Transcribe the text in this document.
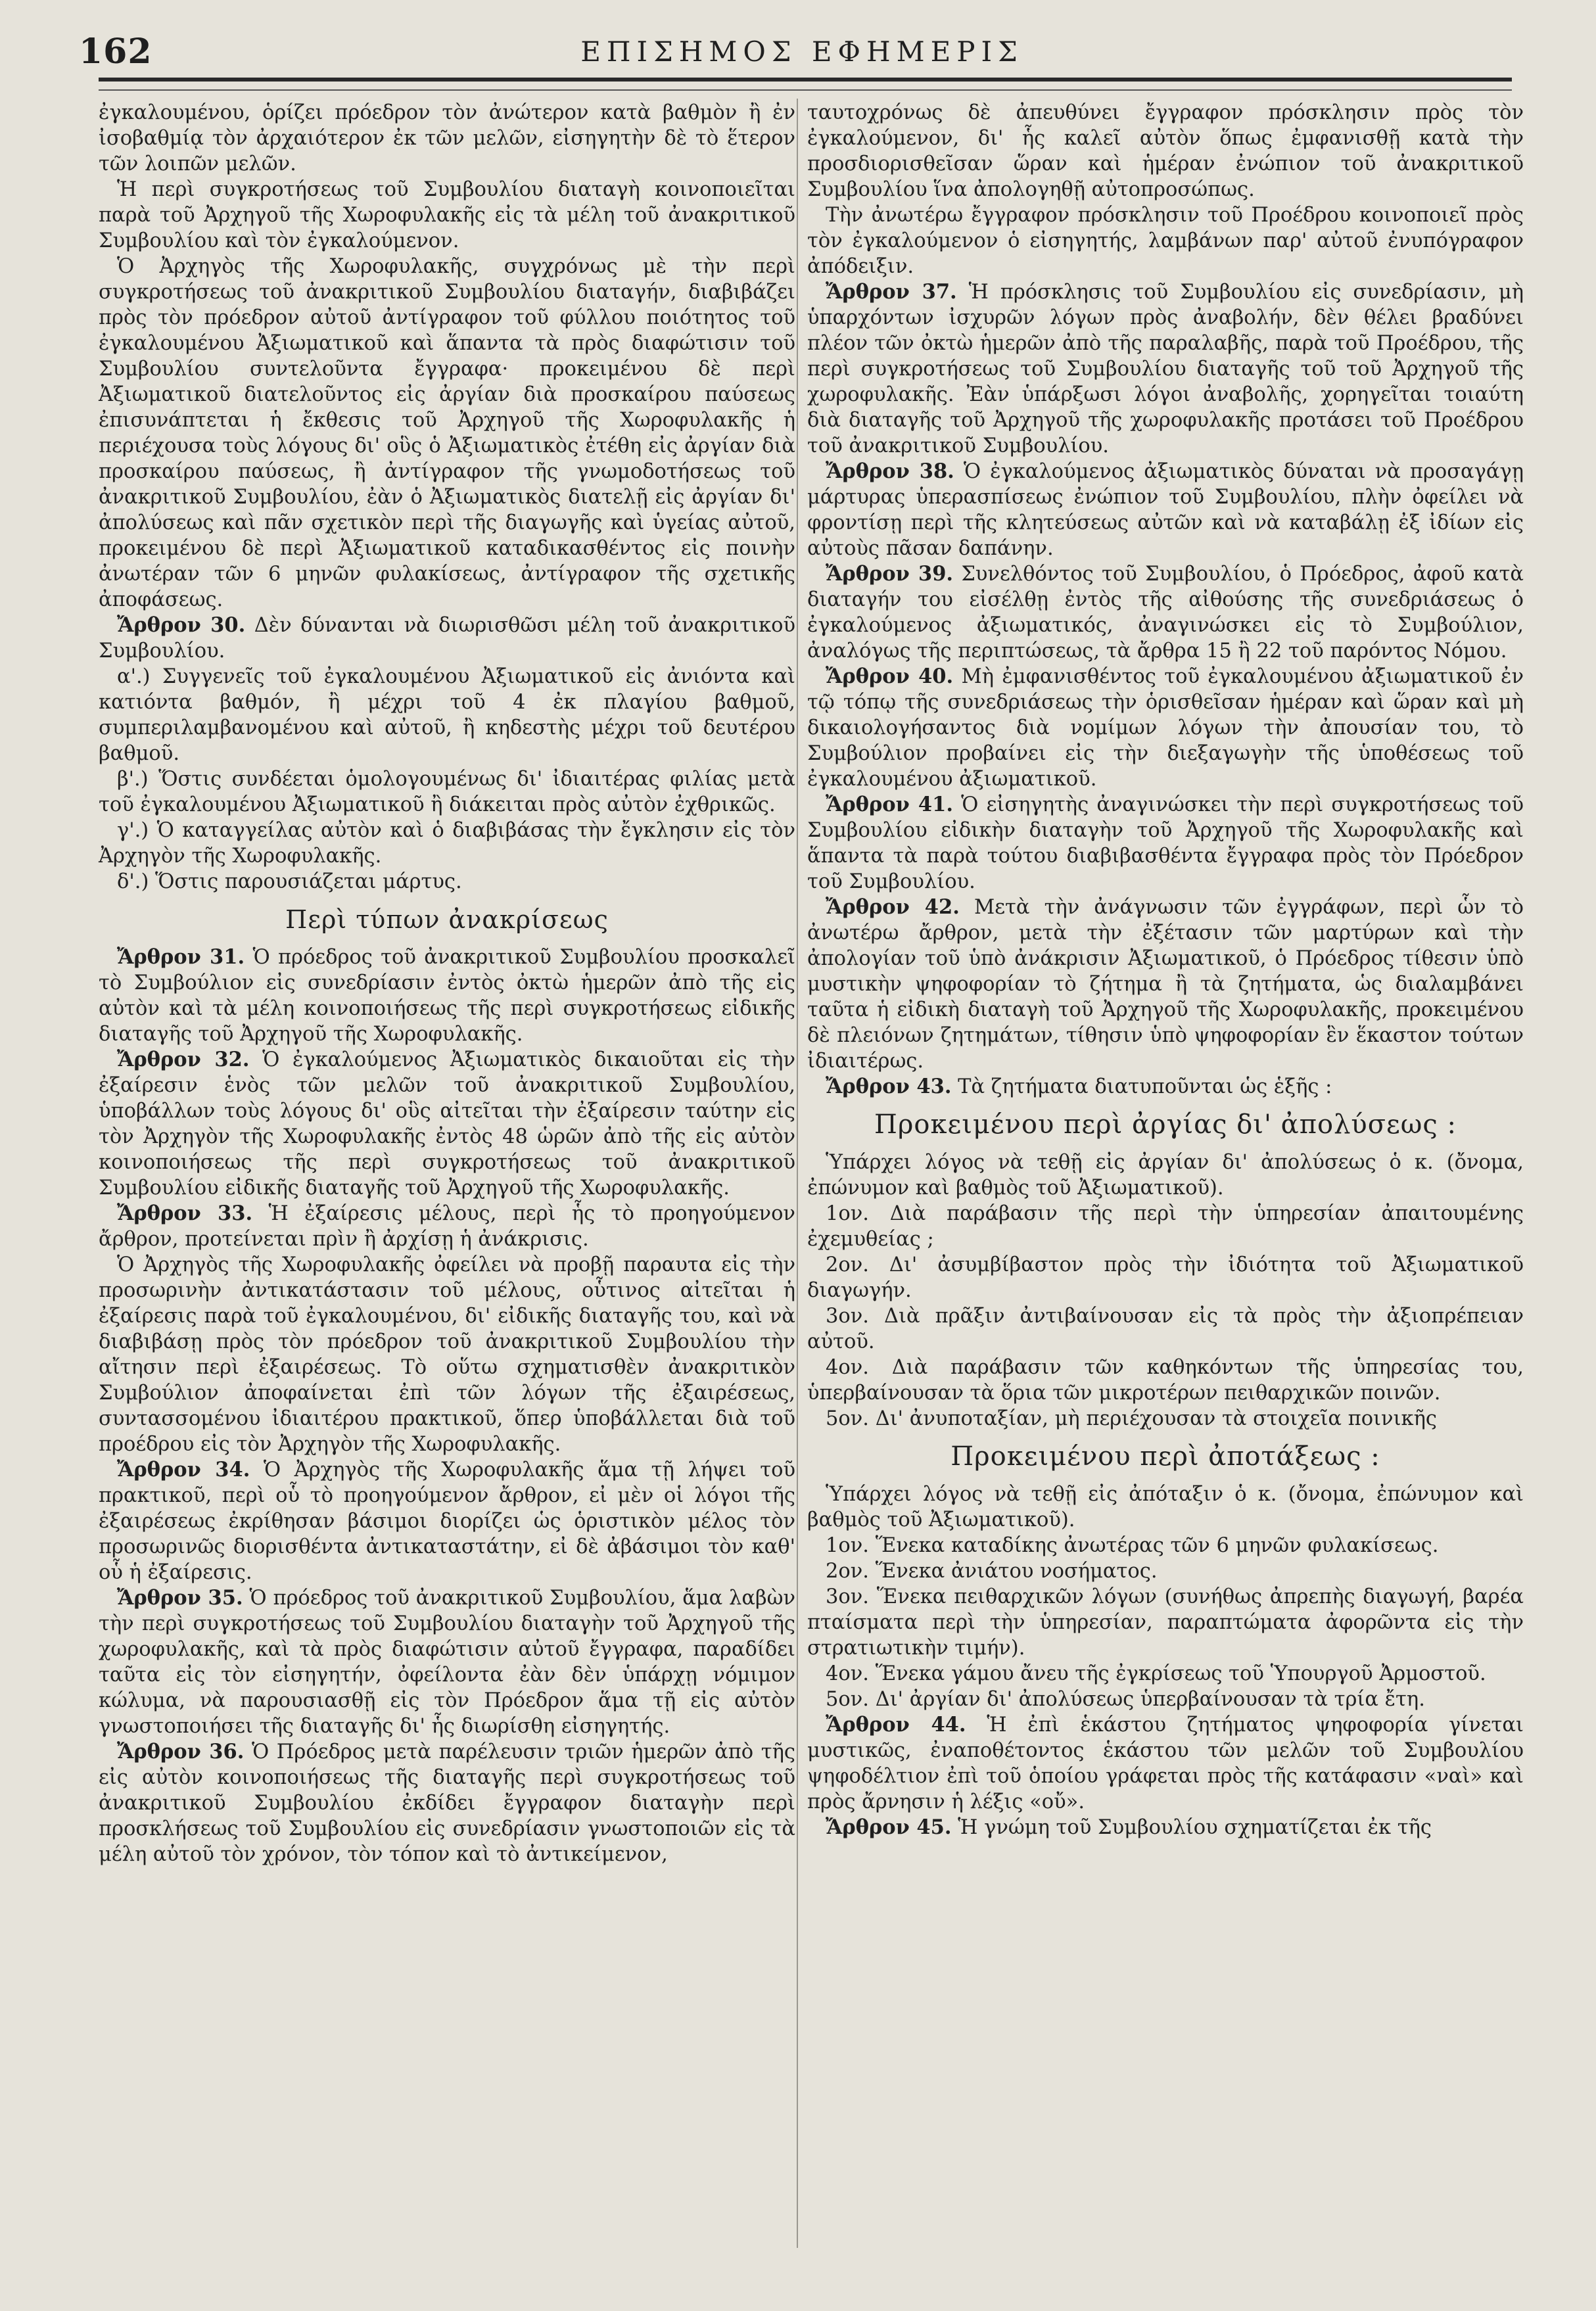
162	ΕΠΙΣΗΜΟΣ ΕΦΗΜΕΡΙΣ

ἐγκαλουμένου, ὁρίζει πρόεδρον τὸν ἀνώτερον κατὰ βαθμὸν ἢ ἐν ἰσοβαθμίᾳ τὸν ἀρχαιότερον ἐκ τῶν μελῶν, εἰσηγητὴν δὲ τὸ ἕτερον τῶν λοιπῶν μελῶν.

Ἡ περὶ συγκροτήσεως τοῦ Συμβουλίου διαταγὴ κοινοποιεῖται παρὰ τοῦ Ἀρχηγοῦ τῆς Χωροφυλακῆς εἰς τὰ μέλη τοῦ ἀνακριτικοῦ Συμβουλίου καὶ τὸν ἐγκαλούμενον.

Ὁ Ἀρχηγὸς τῆς Χωροφυλακῆς, συγχρόνως μὲ τὴν περὶ συγκροτήσεως τοῦ ἀνακριτικοῦ Συμβουλίου διαταγήν, διαβιβάζει πρὸς τὸν πρόεδρον αὐτοῦ ἀντίγραφον τοῦ φύλλου ποιότητος τοῦ ἐγκαλουμένου Ἀξιωματικοῦ καὶ ἅπαντα τὰ πρὸς διαφώτισιν τοῦ Συμβουλίου συντελοῦντα ἔγγραφα· προκειμένου δὲ περὶ Ἀξιωματικοῦ διατελοῦντος εἰς ἀργίαν διὰ προσκαίρου παύσεως ἐπισυνάπτεται ἡ ἔκθεσις τοῦ Ἀρχηγοῦ τῆς Χωροφυλακῆς ἡ περιέχουσα τοὺς λόγους δι' οὓς ὁ Ἀξιωματικὸς ἐτέθη εἰς ἀργίαν διὰ προσκαίρου παύσεως, ἢ ἀντίγραφον τῆς γνωμοδοτήσεως τοῦ ἀνακριτικοῦ Συμβουλίου, ἐὰν ὁ Ἀξιωματικὸς διατελῇ εἰς ἀργίαν δι' ἀπολύσεως καὶ πᾶν σχετικὸν περὶ τῆς διαγωγῆς καὶ ὑγείας αὐτοῦ, προκειμένου δὲ περὶ Ἀξιωματικοῦ καταδικασθέντος εἰς ποινὴν ἀνωτέραν τῶν 6 μηνῶν φυλακίσεως, ἀντίγραφον τῆς σχετικῆς ἀποφάσεως.

Ἄρθρον 30. Δὲν δύνανται νὰ διωρισθῶσι μέλη τοῦ ἀνακριτικοῦ Συμβουλίου.

α'.) Συγγενεῖς τοῦ ἐγκαλουμένου Ἀξιωματικοῦ εἰς ἀνιόντα καὶ κατιόντα βαθμόν, ἢ μέχρι τοῦ 4 ἐκ πλαγίου βαθμοῦ, συμπεριλαμβανομένου καὶ αὐτοῦ, ἢ κηδεστὴς μέχρι τοῦ δευτέρου βαθμοῦ.

β'.) Ὅστις συνδέεται ὁμολογουμένως δι' ἰδιαιτέρας φιλίας μετὰ τοῦ ἐγκαλουμένου Ἀξιωματικοῦ ἢ διάκειται πρὸς αὐτὸν ἐχθρικῶς.

γ'.) Ὁ καταγγείλας αὐτὸν καὶ ὁ διαβιβάσας τὴν ἔγκλησιν εἰς τὸν Ἀρχηγὸν τῆς Χωροφυλακῆς.

δ'.) Ὅστις παρουσιάζεται μάρτυς.

Περὶ τύπων ἀνακρίσεως

Ἄρθρον 31. Ὁ πρόεδρος τοῦ ἀνακριτικοῦ Συμβουλίου προσκαλεῖ τὸ Συμβούλιον εἰς συνεδρίασιν ἐντὸς ὀκτὼ ἡμερῶν ἀπὸ τῆς εἰς αὐτὸν καὶ τὰ μέλη κοινοποιήσεως τῆς περὶ συγκροτήσεως εἰδικῆς διαταγῆς τοῦ Ἀρχηγοῦ τῆς Χωροφυλακῆς.

Ἄρθρον 32. Ὁ ἐγκαλούμενος Ἀξιωματικὸς δικαιοῦται εἰς τὴν ἐξαίρεσιν ἑνὸς τῶν μελῶν τοῦ ἀνακριτικοῦ Συμβουλίου, ὑποβάλλων τοὺς λόγους δι' οὓς αἰτεῖται τὴν ἐξαίρεσιν ταύτην εἰς τὸν Ἀρχηγὸν τῆς Χωροφυλακῆς ἐντὸς 48 ὡρῶν ἀπὸ τῆς εἰς αὐτὸν κοινοποιήσεως τῆς περὶ συγκροτήσεως τοῦ ἀνακριτικοῦ Συμβουλίου εἰδικῆς διαταγῆς τοῦ Ἀρχηγοῦ τῆς Χωροφυλακῆς.

Ἄρθρον 33. Ἡ ἐξαίρεσις μέλους, περὶ ἧς τὸ προηγούμενον ἄρθρον, προτείνεται πρὶν ἢ ἀρχίσῃ ἡ ἀνάκρισις.

Ὁ Ἀρχηγὸς τῆς Χωροφυλακῆς ὀφείλει νὰ προβῇ παραυτα εἰς τὴν προσωρινὴν ἀντικατάστασιν τοῦ μέλους, οὗτινος αἰτεῖται ἡ ἐξαίρεσις παρὰ τοῦ ἐγκαλουμένου, δι' εἰδικῆς διαταγῆς του, καὶ νὰ διαβιβάσῃ πρὸς τὸν πρόεδρον τοῦ ἀνακριτικοῦ Συμβουλίου τὴν αἴτησιν περὶ ἐξαιρέσεως. Τὸ οὕτω σχηματισθὲν ἀνακριτικὸν Συμβούλιον ἀποφαίνεται ἐπὶ τῶν λόγων τῆς ἐξαιρέσεως, συντασσομένου ἰδιαιτέρου πρακτικοῦ, ὅπερ ὑποβάλλεται διὰ τοῦ προέδρου εἰς τὸν Ἀρχηγὸν τῆς Χωροφυλακῆς.

Ἄρθρον 34. Ὁ Ἀρχηγὸς τῆς Χωροφυλακῆς ἅμα τῇ λήψει τοῦ πρακτικοῦ, περὶ οὗ τὸ προηγούμενον ἄρθρον, εἰ μὲν οἱ λόγοι τῆς ἐξαιρέσεως ἐκρίθησαν βάσιμοι διορίζει ὡς ὁριστικὸν μέλος τὸν προσωρινῶς διορισθέντα ἀντικαταστάτην, εἰ δὲ ἀβάσιμοι τὸν καθ' οὗ ἡ ἐξαίρεσις.

Ἄρθρον 35. Ὁ πρόεδρος τοῦ ἀνακριτικοῦ Συμβουλίου, ἅμα λαβὼν τὴν περὶ συγκροτήσεως τοῦ Συμβουλίου διαταγὴν τοῦ Ἀρχηγοῦ τῆς χωροφυλακῆς, καὶ τὰ πρὸς διαφώτισιν αὐτοῦ ἔγγραφα, παραδίδει ταῦτα εἰς τὸν εἰσηγητήν, ὀφείλοντα ἐὰν δὲν ὑπάρχῃ νόμιμον κώλυμα, νὰ παρουσιασθῇ εἰς τὸν Πρόεδρον ἅμα τῇ εἰς αὐτὸν γνωστοποιήσει τῆς διαταγῆς δι' ἧς διωρίσθη εἰσηγητής.

Ἄρθρον 36. Ὁ Πρόεδρος μετὰ παρέλευσιν τριῶν ἡμερῶν ἀπὸ τῆς εἰς αὐτὸν κοινοποιήσεως τῆς διαταγῆς περὶ συγκροτήσεως τοῦ ἀνακριτικοῦ Συμβουλίου ἐκδίδει ἔγγραφον διαταγὴν περὶ προσκλήσεως τοῦ Συμβουλίου εἰς συνεδρίασιν γνωστοποιῶν εἰς τὰ μέλη αὐτοῦ τὸν χρόνον, τὸν τόπον καὶ τὸ ἀντικείμενον,

ταυτοχρόνως δὲ ἀπευθύνει ἔγγραφον πρόσκλησιν πρὸς τὸν ἐγκαλούμενον, δι' ἧς καλεῖ αὐτὸν ὅπως ἐμφανισθῇ κατὰ τὴν προσδιορισθεῖσαν ὥραν καὶ ἡμέραν ἐνώπιον τοῦ ἀνακριτικοῦ Συμβουλίου ἵνα ἀπολογηθῇ αὐτοπροσώπως.

Τὴν ἀνωτέρω ἔγγραφον πρόσκλησιν τοῦ Προέδρου κοινοποιεῖ πρὸς τὸν ἐγκαλούμενον ὁ εἰσηγητής, λαμβάνων παρ' αὐτοῦ ἐνυπόγραφον ἀπόδειξιν.

Ἄρθρον 37. Ἡ πρόσκλησις τοῦ Συμβουλίου εἰς συνεδρίασιν, μὴ ὑπαρχόντων ἰσχυρῶν λόγων πρὸς ἀναβολήν, δὲν θέλει βραδύνει πλέον τῶν ὀκτὼ ἡμερῶν ἀπὸ τῆς παραλαβῆς, παρὰ τοῦ Προέδρου, τῆς περὶ συγκροτήσεως τοῦ Συμβουλίου διαταγῆς τοῦ τοῦ Ἀρχηγοῦ τῆς χωροφυλακῆς. Ἐὰν ὑπάρξωσι λόγοι ἀναβολῆς, χορηγεῖται τοιαύτη διὰ διαταγῆς τοῦ Ἀρχηγοῦ τῆς χωροφυλακῆς προτάσει τοῦ Προέδρου τοῦ ἀνακριτικοῦ Συμβουλίου.

Ἄρθρον 38. Ὁ ἐγκαλούμενος ἀξιωματικὸς δύναται νὰ προσαγάγῃ μάρτυρας ὑπερασπίσεως ἐνώπιον τοῦ Συμβουλίου, πλὴν ὀφείλει νὰ φροντίσῃ περὶ τῆς κλητεύσεως αὐτῶν καὶ νὰ καταβάλῃ ἐξ ἰδίων εἰς αὐτοὺς πᾶσαν δαπάνην.

Ἄρθρον 39. Συνελθόντος τοῦ Συμβουλίου, ὁ Πρόεδρος, ἀφοῦ κατὰ διαταγήν του εἰσέλθῃ ἐντὸς τῆς αἰθούσης τῆς συνεδριάσεως ὁ ἐγκαλούμενος ἀξιωματικός, ἀναγινώσκει εἰς τὸ Συμβούλιον, ἀναλόγως τῆς περιπτώσεως, τὰ ἄρθρα 15 ἢ 22 τοῦ παρόντος Νόμου.

Ἄρθρον 40. Μὴ ἐμφανισθέντος τοῦ ἐγκαλουμένου ἀξιωματικοῦ ἐν τῷ τόπῳ τῆς συνεδριάσεως τὴν ὁρισθεῖσαν ἡμέραν καὶ ὥραν καὶ μὴ δικαιολογήσαντος διὰ νομίμων λόγων τὴν ἀπουσίαν του, τὸ Συμβούλιον προβαίνει εἰς τὴν διεξαγωγὴν τῆς ὑποθέσεως τοῦ ἐγκαλουμένου ἀξιωματικοῦ.

Ἄρθρον 41. Ὁ εἰσηγητὴς ἀναγινώσκει τὴν περὶ συγκροτήσεως τοῦ Συμβουλίου εἰδικὴν διαταγὴν τοῦ Ἀρχηγοῦ τῆς Χωροφυλακῆς καὶ ἅπαντα τὰ παρὰ τούτου διαβιβασθέντα ἔγγραφα πρὸς τὸν Πρόεδρον τοῦ Συμβουλίου.

Ἄρθρον 42. Μετὰ τὴν ἀνάγνωσιν τῶν ἐγγράφων, περὶ ὧν τὸ ἀνωτέρω ἄρθρον, μετὰ τὴν ἐξέτασιν τῶν μαρτύρων καὶ τὴν ἀπολογίαν τοῦ ὑπὸ ἀνάκρισιν Ἀξιωματικοῦ, ὁ Πρόεδρος τίθεσιν ὑπὸ μυστικὴν ψηφοφορίαν τὸ ζήτημα ἢ τὰ ζητήματα, ὡς διαλαμβάνει ταῦτα ἡ εἰδικὴ διαταγὴ τοῦ Ἀρχηγοῦ τῆς Χωροφυλακῆς, προκειμένου δὲ πλειόνων ζητημάτων, τίθησιν ὑπὸ ψηφοφορίαν ἓν ἕκαστον τούτων ἰδιαιτέρως.

Ἄρθρον 43. Τὰ ζητήματα διατυποῦνται ὡς ἑξῆς :

Προκειμένου περὶ ἀργίας δι' ἀπολύσεως :

Ὑπάρχει λόγος νὰ τεθῇ εἰς ἀργίαν δι' ἀπολύσεως ὁ κ. (ὄνομα, ἐπώνυμον καὶ βαθμὸς τοῦ Ἀξιωματικοῦ).

1ον. Διὰ παράβασιν τῆς περὶ τὴν ὑπηρεσίαν ἀπαιτουμένης ἐχεμυθείας ;

2ον. Δι' ἀσυμβίβαστον πρὸς τὴν ἰδιότητα τοῦ Ἀξιωματικοῦ διαγωγήν.

3ον. Διὰ πρᾶξιν ἀντιβαίνουσαν εἰς τὰ πρὸς τὴν ἀξιοπρέπειαν αὐτοῦ.

4ον. Διὰ παράβασιν τῶν καθηκόντων τῆς ὑπηρεσίας του, ὑπερβαίνουσαν τὰ ὅρια τῶν μικροτέρων πειθαρχικῶν ποινῶν.

5ον. Δι' ἀνυποταξίαν, μὴ περιέχουσαν τὰ στοιχεῖα ποινικῆς

Προκειμένου περὶ ἀποτάξεως :

Ὑπάρχει λόγος νὰ τεθῇ εἰς ἀπόταξιν ὁ κ. (ὄνομα, ἐπώνυμον καὶ βαθμὸς τοῦ Ἀξιωματικοῦ).

1ον. Ἕνεκα καταδίκης ἀνωτέρας τῶν 6 μηνῶν φυλακίσεως.

2ον. Ἕνεκα ἀνιάτου νοσήματος.

3ον. Ἕνεκα πειθαρχικῶν λόγων (συνήθως ἀπρεπὴς διαγωγή, βαρέα πταίσματα περὶ τὴν ὑπηρεσίαν, παραπτώματα ἀφορῶντα εἰς τὴν στρατιωτικὴν τιμήν).

4ον. Ἕνεκα γάμου ἄνευ τῆς ἐγκρίσεως τοῦ Ὑπουργοῦ Ἀρμοστοῦ.

5ον. Δι' ἀργίαν δι' ἀπολύσεως ὑπερβαίνουσαν τὰ τρία ἔτη.

Ἄρθρον 44. Ἡ ἐπὶ ἑκάστου ζητήματος ψηφοφορία γίνεται μυστικῶς, ἐναποθέτοντος ἑκάστου τῶν μελῶν τοῦ Συμβουλίου ψηφοδέλτιον ἐπὶ τοῦ ὁποίου γράφεται πρὸς τῆς κατάφασιν «ναὶ» καὶ πρὸς ἄρνησιν ἡ λέξις «οὔ».

Ἄρθρον 45. Ἡ γνώμη τοῦ Συμβουλίου σχηματίζεται ἐκ τῆς
